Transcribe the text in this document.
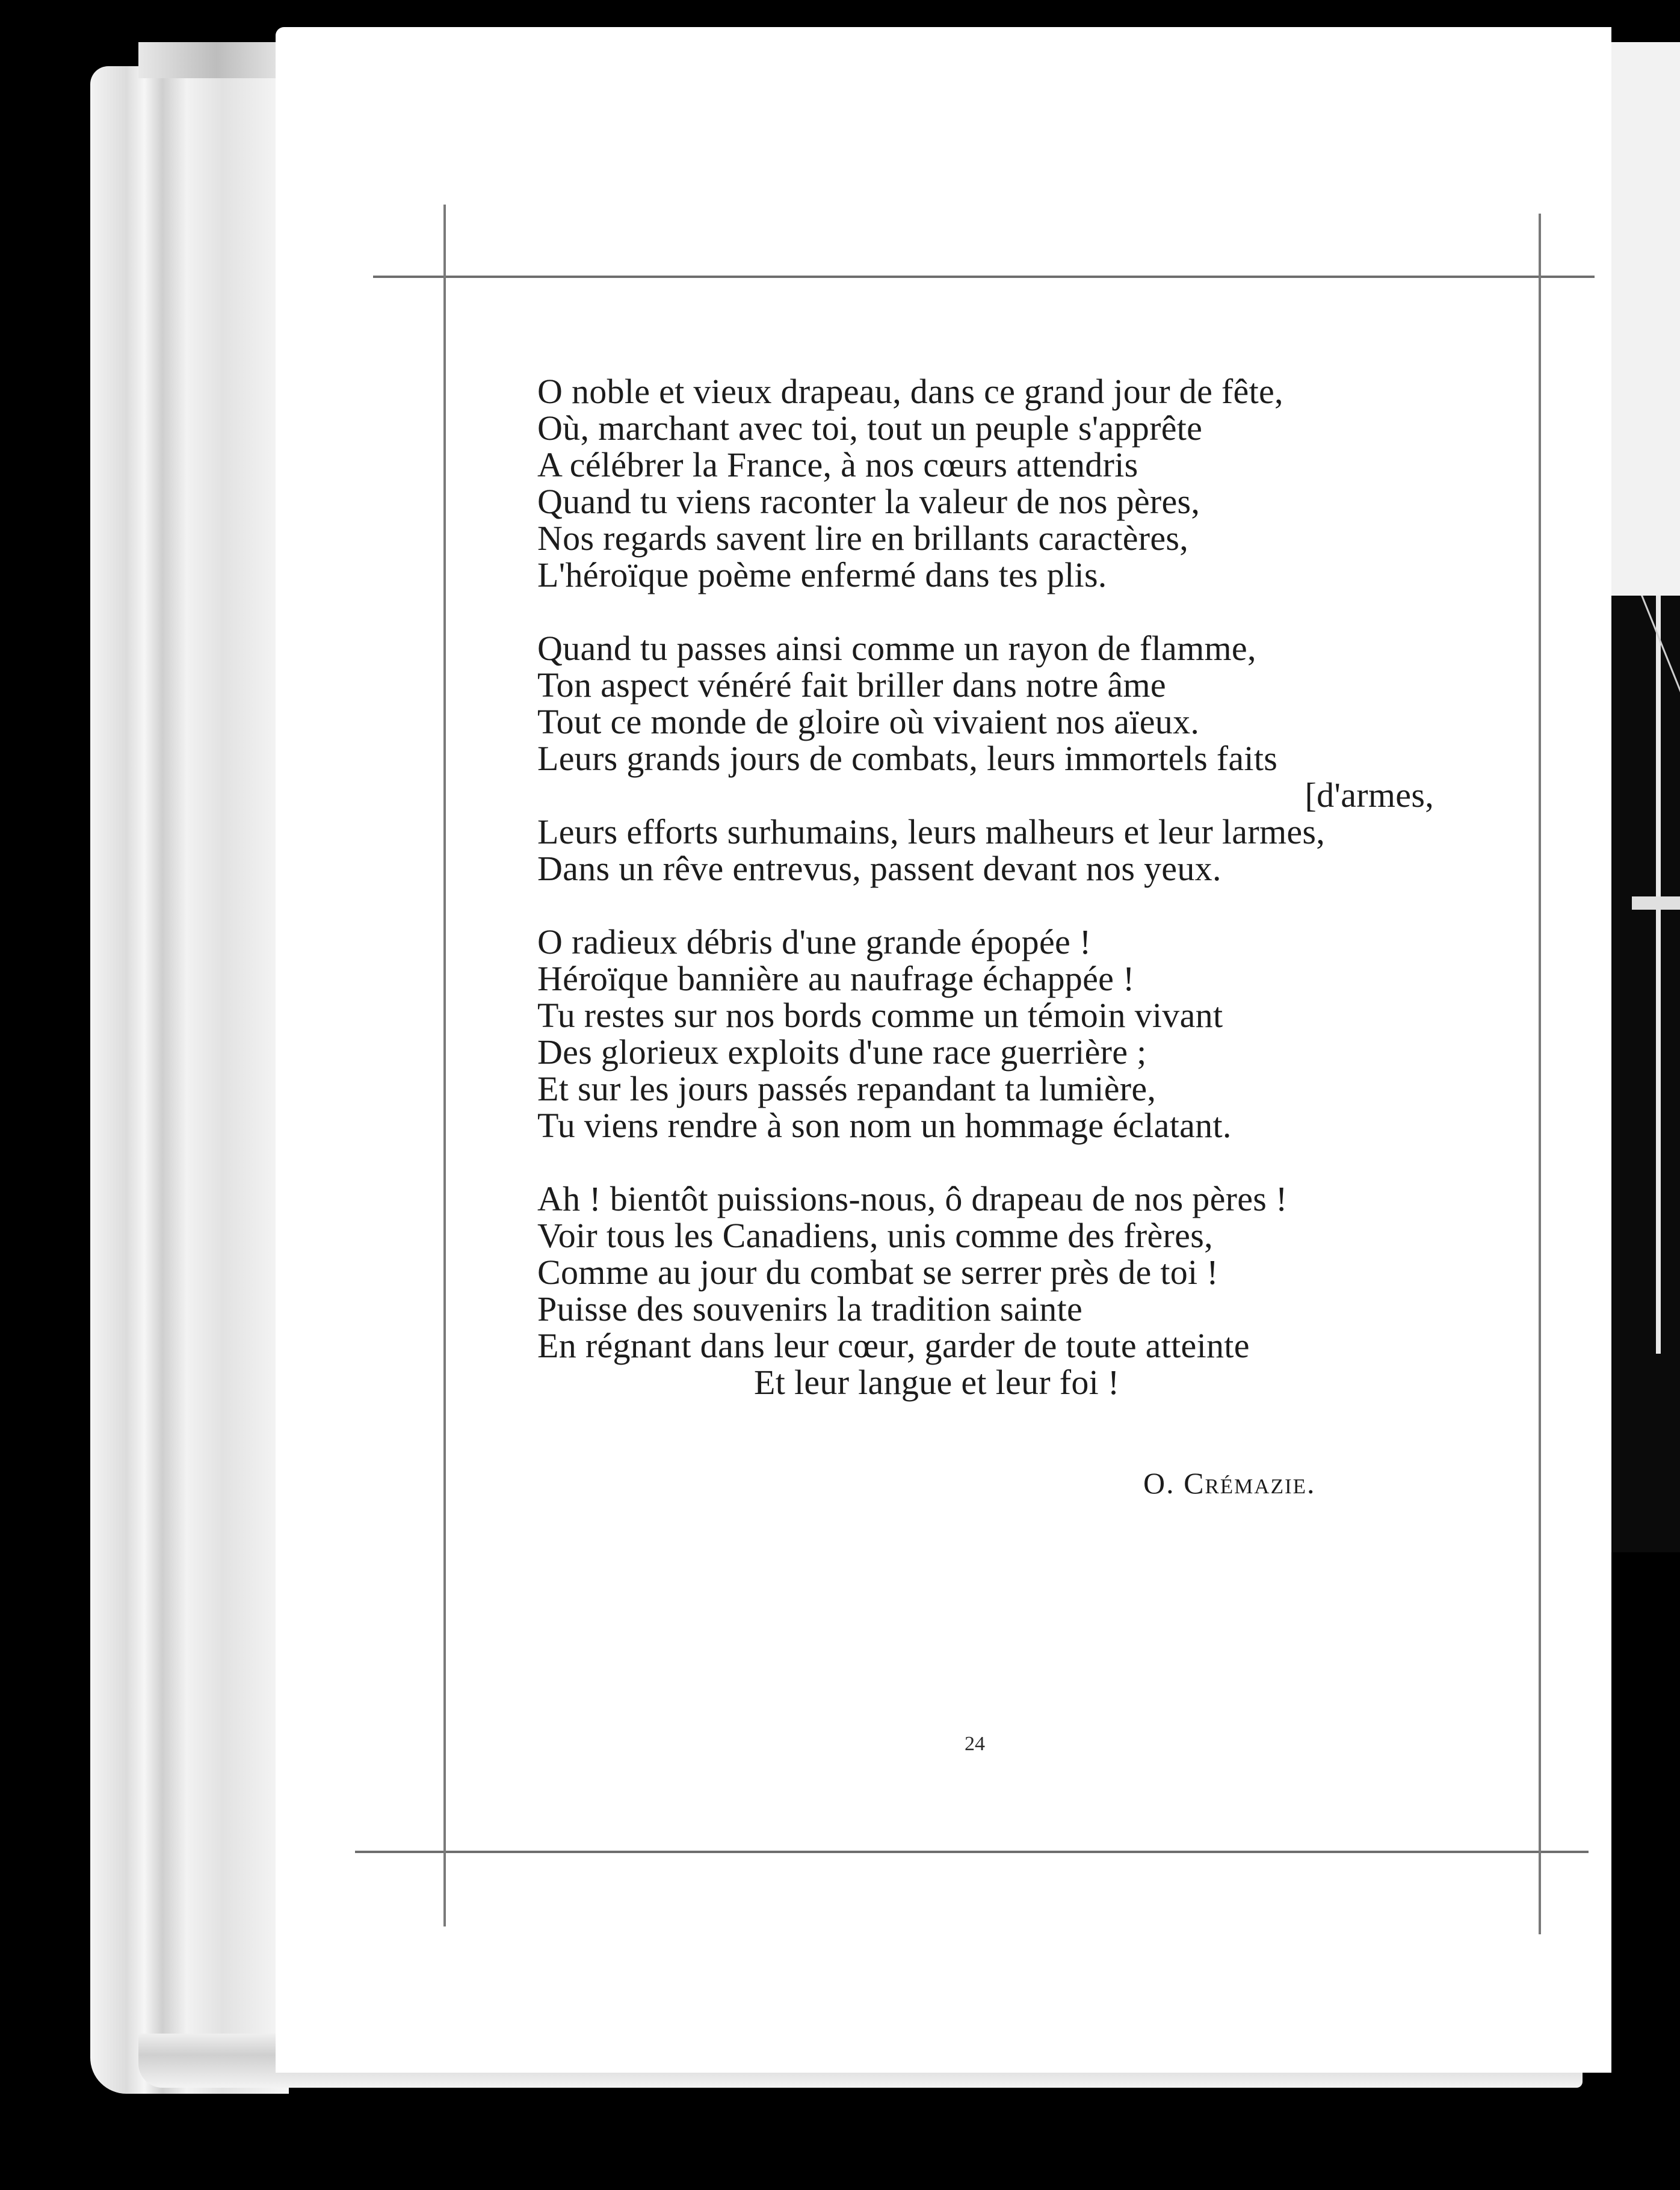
O noble et vieux drapeau, dans ce grand jour de fête,
Où, marchant avec toi, tout un peuple s'apprête
A célébrer la France, à nos cœurs attendris
Quand tu viens raconter la valeur de nos pères,
Nos regards savent lire en brillants caractères,
L'héroïque poème enfermé dans tes plis.
Quand tu passes ainsi comme un rayon de flamme,
Ton aspect vénéré fait briller dans notre âme
Tout ce monde de gloire où vivaient nos aïeux.
Leurs grands jours de combats, leurs immortels faits
[d'armes,
Leurs efforts surhumains, leurs malheurs et leur larmes,
Dans un rêve entrevus, passent devant nos yeux.
O radieux débris d'une grande épopée !
Héroïque bannière au naufrage échappée !
Tu restes sur nos bords comme un témoin vivant
Des glorieux exploits d'une race guerrière ;
Et sur les jours passés repandant ta lumière,
Tu viens rendre à son nom un hommage éclatant.
Ah ! bientôt puissions-nous, ô drapeau de nos pères !
Voir tous les Canadiens, unis comme des frères,
Comme au jour du combat se serrer près de toi !
Puisse des souvenirs la tradition sainte
En régnant dans leur cœur, garder de toute atteinte
Et leur langue et leur foi !
O. Crémazie.
24
